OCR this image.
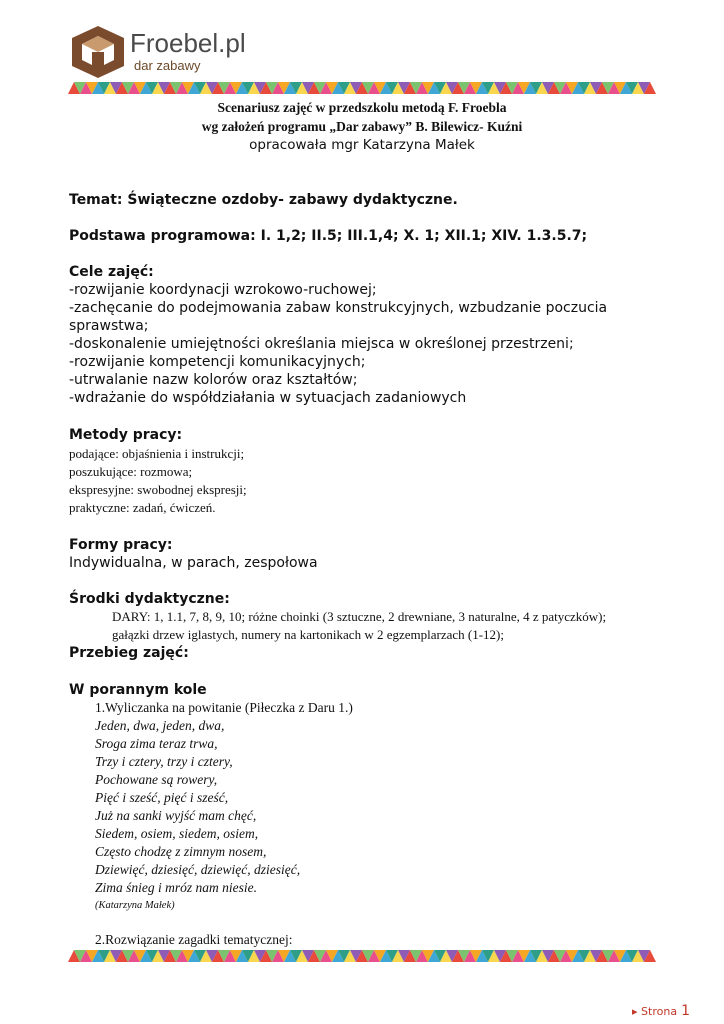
Froebel.pl
dar zabawy
Scenariusz zajęć w przedszkolu metodą F. Froebla
wg założeń programu „Dar zabawy” B. Bilewicz- Kuźni
opracowała mgr Katarzyna Małek
Temat: Świąteczne ozdoby- zabawy dydaktyczne.
Podstawa programowa: I. 1,2; II.5; III.1,4; X. 1; XII.1; XIV. 1.3.5.7;
Cele zajęć:
-rozwijanie koordynacji wzrokowo-ruchowej;
-zachęcanie do podejmowania zabaw konstrukcyjnych, wzbudzanie poczucia
sprawstwa;
-doskonalenie umiejętności określania miejsca w określonej przestrzeni;
-rozwijanie kompetencji komunikacyjnych;
-utrwalanie nazw kolorów oraz kształtów;
-wdrażanie do współdziałania w sytuacjach zadaniowych
Metody pracy:
podające: objaśnienia i instrukcji;
poszukujące: rozmowa;
ekspresyjne: swobodnej ekspresji;
praktyczne: zadań, ćwiczeń.
Formy pracy:
Indywidualna, w parach, zespołowa
Środki dydaktyczne:
DARY: 1, 1.1, 7, 8, 9, 10; różne choinki (3 sztuczne, 2 drewniane, 3 naturalne, 4 z patyczków);
gałązki drzew iglastych, numery na kartonikach w 2 egzemplarzach (1-12);
Przebieg zajęć:
W porannym kole
1.Wyliczanka na powitanie (Piłeczka z Daru 1.)
Jeden, dwa, jeden, dwa,
Sroga zima teraz trwa,
Trzy i cztery, trzy i cztery,
Pochowane są rowery,
Pięć i sześć, pięć i sześć,
Już na sanki wyjść mam chęć,
Siedem, osiem, siedem, osiem,
Często chodzę z zimnym nosem,
Dziewięć, dziesięć, dziewięć, dziesięć,
Zima śnieg i mróz nam niesie.
(Katarzyna Małek)
2.Rozwiązanie zagadki tematycznej:
▸ Strona 1
